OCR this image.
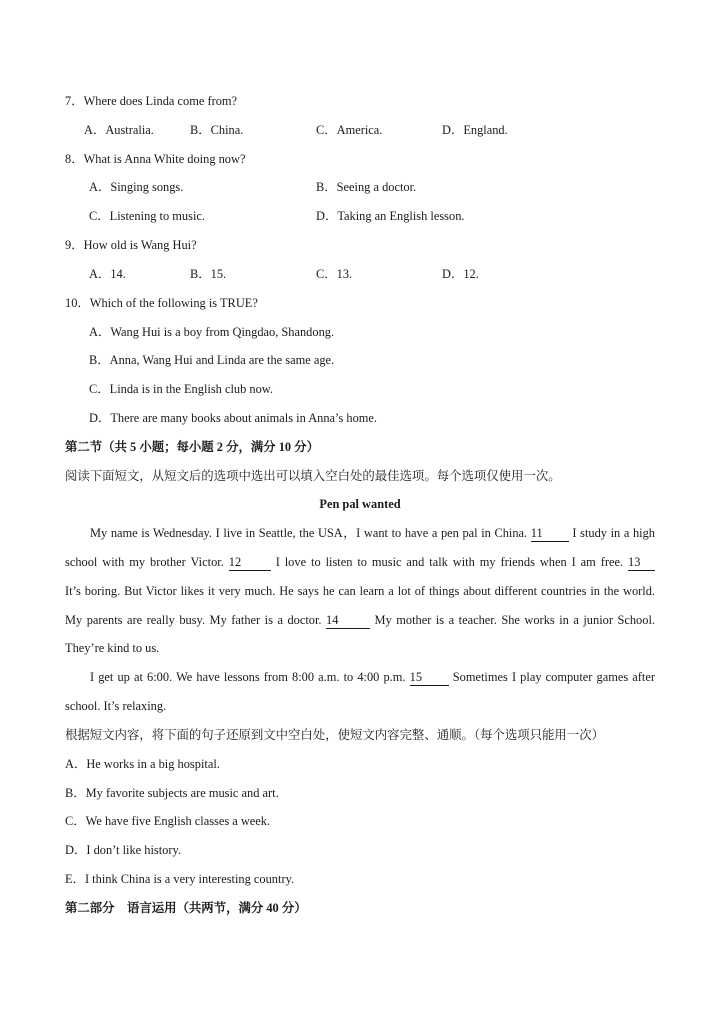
7．Where does Linda come from?
A．Australia.	B．China.	C．America.	D．England.
8．What is Anna White doing now?
A．Singing songs.	B．Seeing a doctor.
C．Listening to music.	D．Taking an English lesson.
9．How old is Wang Hui?
A．14.	B．15.	C．13.	D．12.
10．Which of the following is TRUE?
A．Wang Hui is a boy from Qingdao, Shandong.
B．Anna, Wang Hui and Linda are the same age.
C．Linda is in the English club now.
D．There are many books about animals in Anna’s home.
第二节（共 5 小题；每小题 2 分，满分 10 分）
阅读下面短文，从短文后的选项中选出可以填入空白处的最佳选项。每个选项仅使用一次。
Pen pal wanted
My name is Wednesday. I live in Seattle, the USA，I want to have a pen pal in China. 11 I study in a high
school with my brother Victor. 12	I love to listen to music and talk with my friends when I am free. 13
It’s boring. But Victor likes it very much. He says he can learn a lot of things about different countries in the world.
My parents are really busy. My father is a doctor. 14	My mother is a teacher. She works in a junior School.
They’re kind to us.
I get up at 6:00. We have lessons from 8:00 a.m. to 4:00 p.m. 15 Sometimes I play computer games after
school. It’s relaxing.
根据短文内容，将下面的句子还原到文中空白处，使短文内容完整、通顺。（每个选项只能用一次）
A．He works in a big hospital.
B．My favorite subjects are music and art.
C．We have five English classes a week.
D．I don’t like history.
E．I think China is a very interesting country.
第二部分　语言运用（共两节，满分 40 分）
